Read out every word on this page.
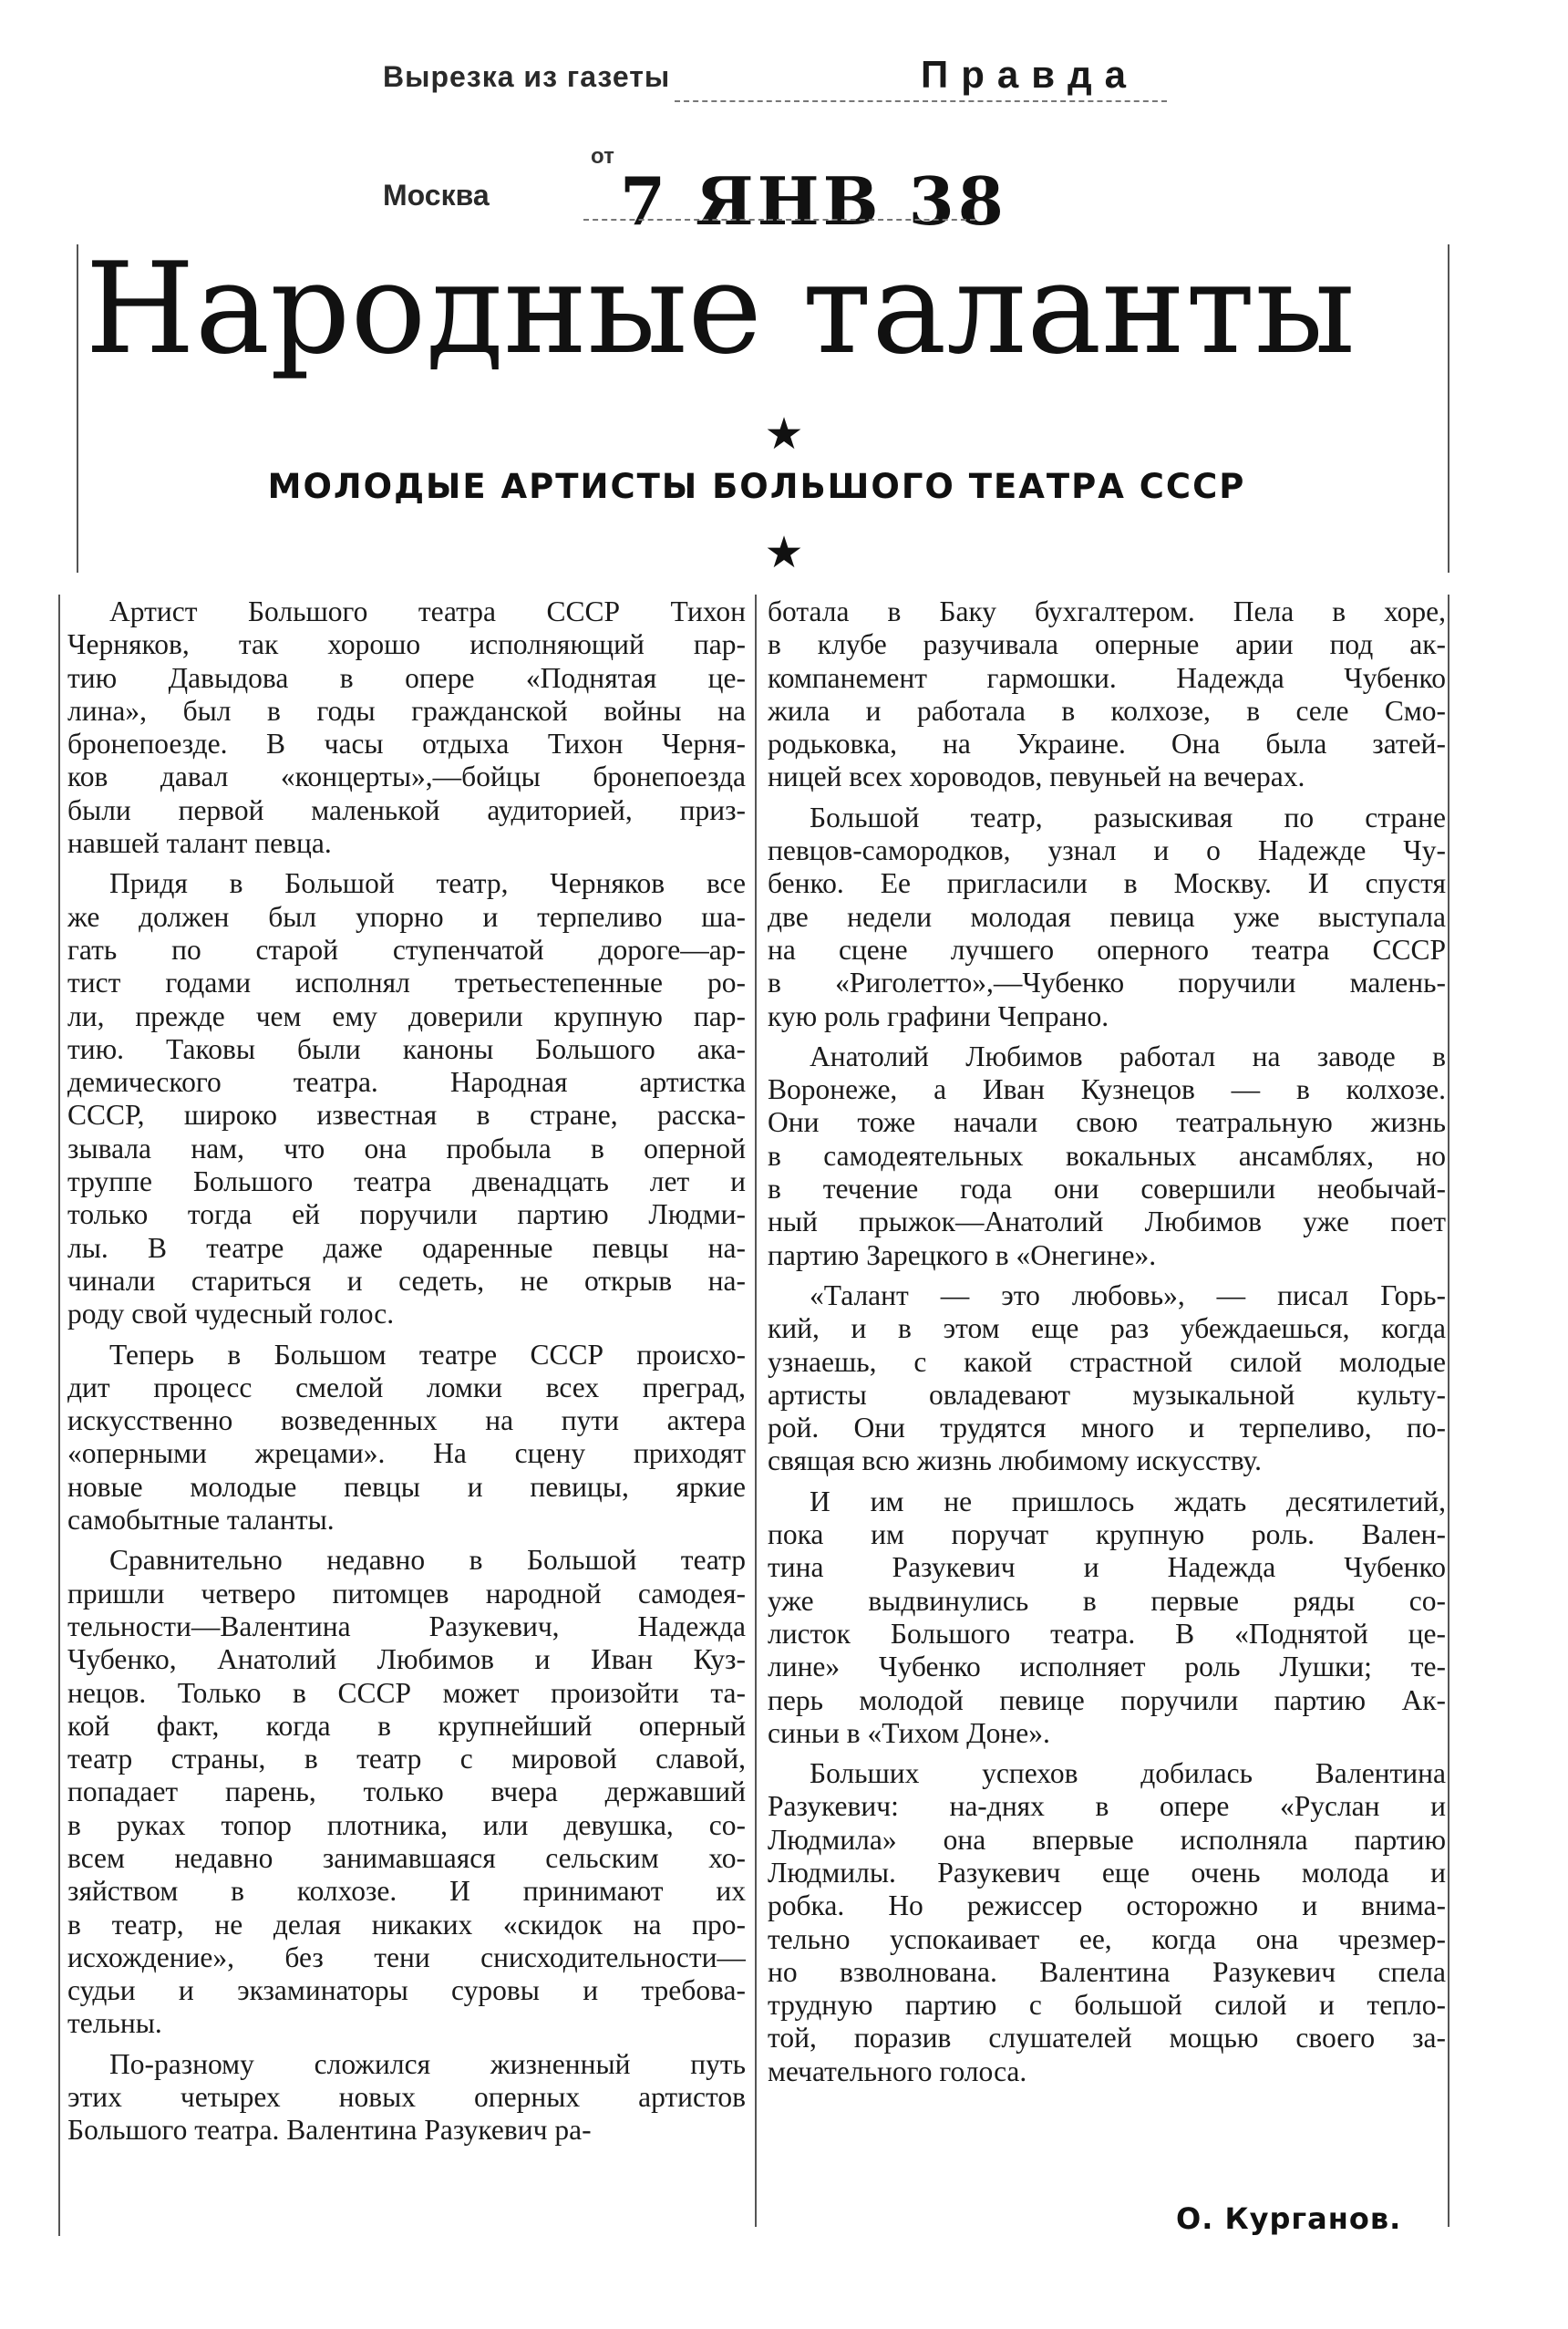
Вырезка из газеты	Правда
от
Москва 7 ЯНВ 38
Народные таланты
★
МОЛОДЫЕ АРТИСТЫ БОЛЬШОГО ТЕАТРА СССР
★
Артист Большого театра СССР Тихон
Черняков, так хорошо исполняющий пар-
тию Давыдова в опере «Поднятая це-
лина», был в годы гражданской войны на
бронепоезде. В часы отдыха Тихон Черня-
ков давал «концерты»,—бойцы бронепоезда
были первой маленькой аудиторией, приз-
навшей талант певца.
Придя в Большой театр, Черняков все
же должен был упорно и терпеливо ша-
гать по старой ступенчатой дороге—ар-
тист годами исполнял третьестепенные ро-
ли, прежде чем ему доверили крупную пар-
тию. Таковы были каноны Большого ака-
демического театра. Народная артистка
СССР, широко известная в стране, расска-
зывала нам, что она пробыла в оперной
труппе Большого театра двенадцать лет и
только тогда ей поручили партию Людми-
лы. В театре даже одаренные певцы на-
чинали стариться и седеть, не открыв на-
роду свой чудесный голос.
Теперь в Большом театре СССР происхо-
дит процесс смелой ломки всех преград,
искусственно возведенных на пути актера
«оперными жрецами». На сцену приходят
новые молодые певцы и певицы, яркие
самобытные таланты.
Сравнительно недавно в Большой театр
пришли четверо питомцев народной самодея-
тельности—Валентина Разукевич, Надежда
Чубенко, Анатолий Любимов и Иван Куз-
нецов. Только в СССР может произойти та-
кой факт, когда в крупнейший оперный
театр страны, в театр с мировой славой,
попадает парень, только вчера державший
в руках топор плотника, или девушка, со-
всем недавно занимавшаяся сельским хо-
зяйством в колхозе. И принимают их
в театр, не делая никаких «скидок на про-
исхождение», без тени снисходительности—
судьи и экзаминаторы суровы и требова-
тельны.
По-разному сложился жизненный путь
этих четырех новых оперных артистов
Большого театра. Валентина Разукевич ра-
ботала в Баку бухгалтером. Пела в хоре,
в клубе разучивала оперные арии под ак-
компанемент гармошки. Надежда Чубенко
жила и работала в колхозе, в селе Смо-
родьковка, на Украине. Она была затей-
ницей всех хороводов, певуньей на вечерах.
Большой театр, разыскивая по стране
певцов-самородков, узнал и о Надежде Чу-
бенко. Ее пригласили в Москву. И спустя
две недели молодая певица уже выступала
на сцене лучшего оперного театра СССР
в «Риголетто»,—Чубенко поручили малень-
кую роль графини Чепрано.
Анатолий Любимов работал на заводе в
Воронеже, а Иван Кузнецов — в колхозе.
Они тоже начали свою театральную жизнь
в самодеятельных вокальных ансамблях, но
в течение года они совершили необычай-
ный прыжок—Анатолий Любимов уже поет
партию Зарецкого в «Онегине».
«Талант — это любовь», — писал Горь-
кий, и в этом еще раз убеждаешься, когда
узнаешь, с какой страстной силой молодые
артисты овладевают музыкальной культу-
рой. Они трудятся много и терпеливо, по-
свящая всю жизнь любимому искусству.
И им не пришлось ждать десятилетий,
пока им поручат крупную роль. Вален-
тина Разукевич и Надежда Чубенко
уже выдвинулись в первые ряды со-
листок Большого театра. В «Поднятой це-
лине» Чубенко исполняет роль Лушки; те-
перь молодой певице поручили партию Ак-
синьи в «Тихом Доне».
Больших успехов добилась Валентина
Разукевич: на-днях в опере «Руслан и
Людмила» она впервые исполняла партию
Людмилы. Разукевич еще очень молода и
робка. Но режиссер осторожно и внима-
тельно успокаивает ее, когда она чрезмер-
но взволнована. Валентина Разукевич спела
трудную партию с большой силой и тепло-
той, поразив слушателей мощью своего за-
мечательного голоса.
О. Курганов.
